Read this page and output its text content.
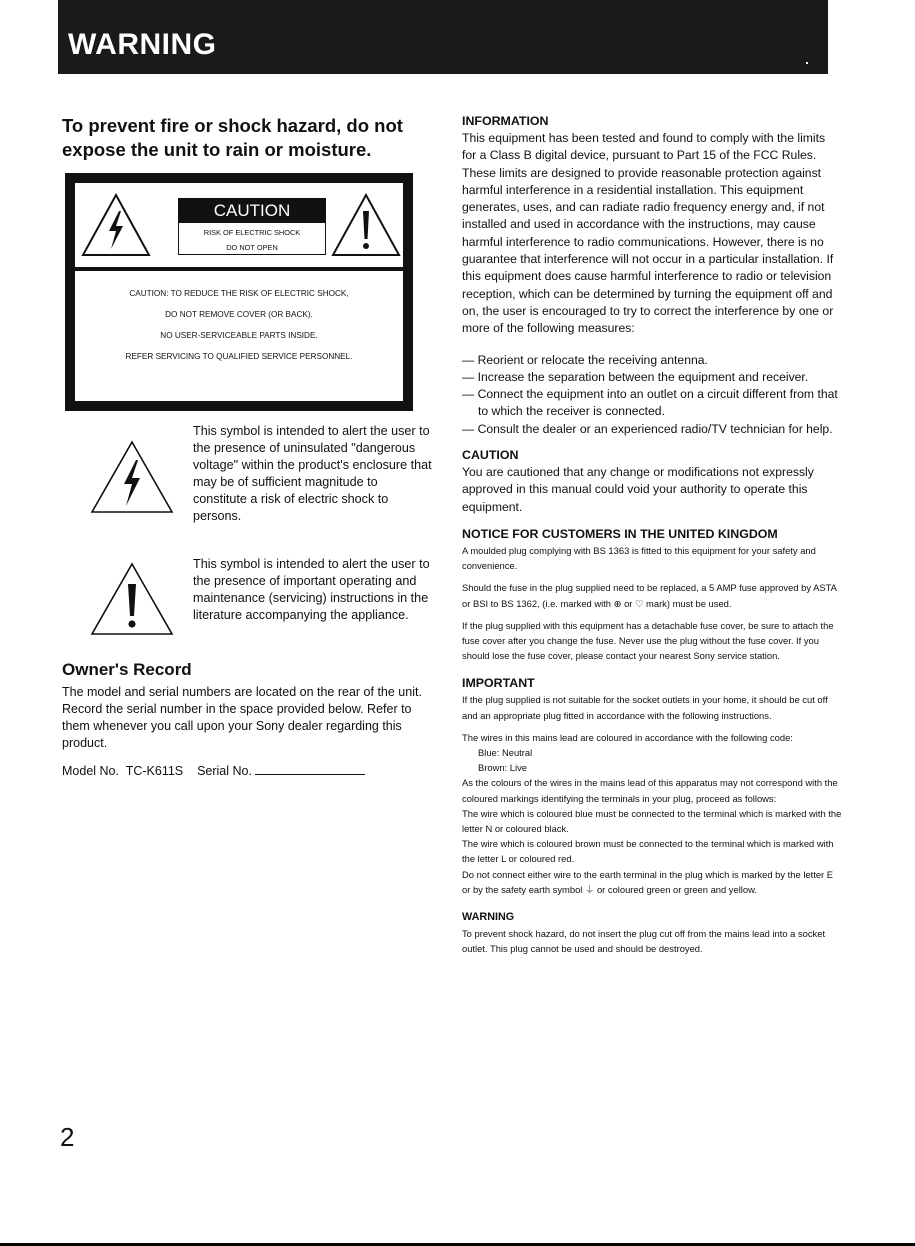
WARNING

To prevent fire or shock hazard, do not

expose the unit to rain or moisture.

CAUTION
RISK OF ELECTRIC SHOCK
DO NOT OPEN
CAUTION: TO REDUCE THE RISK OF ELECTRIC SHOCK,
DO NOT REMOVE COVER (OR BACK).
NO USER-SERVICEABLE PARTS INSIDE.
REFER SERVICING TO QUALIFIED SERVICE PERSONNEL.
This symbol is intended to alert the user to the presence of uninsulated "dangerous voltage" within the product's enclosure that may be of sufficient magnitude to constitute a risk of electric shock to persons.
This symbol is intended to alert the user to the presence of important operating and maintenance (servicing) instructions in the literature accompanying the appliance.
Owner's Record

The model and serial numbers are located on the rear of the unit. Record the serial number in the space provided below. Refer to them whenever you call upon your Sony dealer regarding this product.

Model No. TC-K611S Serial No.

INFORMATION

This equipment has been tested and found to comply with the limits for a Class B digital device, pursuant to Part 15 of the FCC Rules. These limits are designed to provide reasonable protection against harmful interference in a residential installation. This equipment generates, uses, and can radiate radio frequency energy and, if not installed and used in accordance with the instructions, may cause harmful interference to radio communications. However, there is no guarantee that interference will not occur in a particular installation. If this equipment does cause harmful interference to radio or television reception, which can be determined by turning the equipment off and on, the user is encouraged to try to correct the interference by one or more of the following measures:

— Reorient or relocate the receiving antenna.

— Increase the separation between the equipment and receiver.

— Connect the equipment into an outlet on a circuit different from that to which the receiver is connected.

— Consult the dealer or an experienced radio/TV technician for help.

CAUTION

You are cautioned that any change or modifications not expressly approved in this manual could void your authority to operate this equipment.

NOTICE FOR CUSTOMERS IN THE UNITED KINGDOM

A moulded plug complying with BS 1363 is fitted to this equipment for your safety and convenience.

Should the fuse in the plug supplied need to be replaced, a 5 AMP fuse approved by ASTA or BSI to BS 1362, (i.e. marked with ⊕ or ♡ mark) must be used.

If the plug supplied with this equipment has a detachable fuse cover, be sure to attach the fuse cover after you change the fuse. Never use the plug without the fuse cover. If you should lose the fuse cover, please contact your nearest Sony service station.

IMPORTANT

If the plug supplied is not suitable for the socket outlets in your home, it should be cut off and an appropriate plug fitted in accordance with the following instructions.

The wires in this mains lead are coloured in accordance with the following code:

Blue: Neutral

Brown: Live

As the colours of the wires in the mains lead of this apparatus may not correspond with the coloured markings identifying the terminals in your plug, proceed as follows:

The wire which is coloured blue must be connected to the terminal which is marked with the letter N or coloured black.

The wire which is coloured brown must be connected to the terminal which is marked with the letter L or coloured red.

Do not connect either wire to the earth terminal in the plug which is marked by the letter E or by the safety earth symbol ⏚ or coloured green or green and yellow.

WARNING

To prevent shock hazard, do not insert the plug cut off from the mains lead into a socket outlet. This plug cannot be used and should be destroyed.

2
